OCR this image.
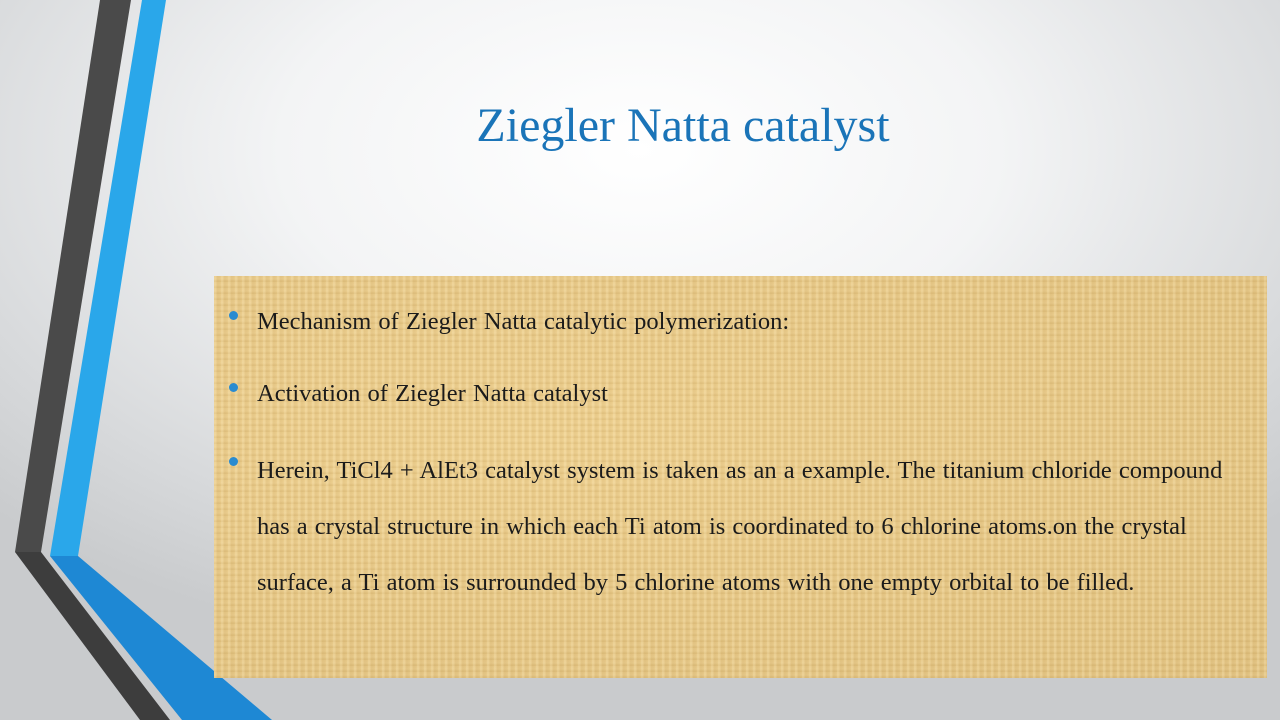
Ziegler Natta catalyst
Mechanism of Ziegler Natta catalytic polymerization:
Activation of Ziegler Natta catalyst
Herein, TiCl4 + AlEt3 catalyst system is taken as an a example. The titanium chloride compound has a crystal structure in which each Ti atom is coordinated to 6 chlorine atoms.on the crystal surface, a Ti atom is surrounded by 5 chlorine atoms with one empty orbital to be filled.
